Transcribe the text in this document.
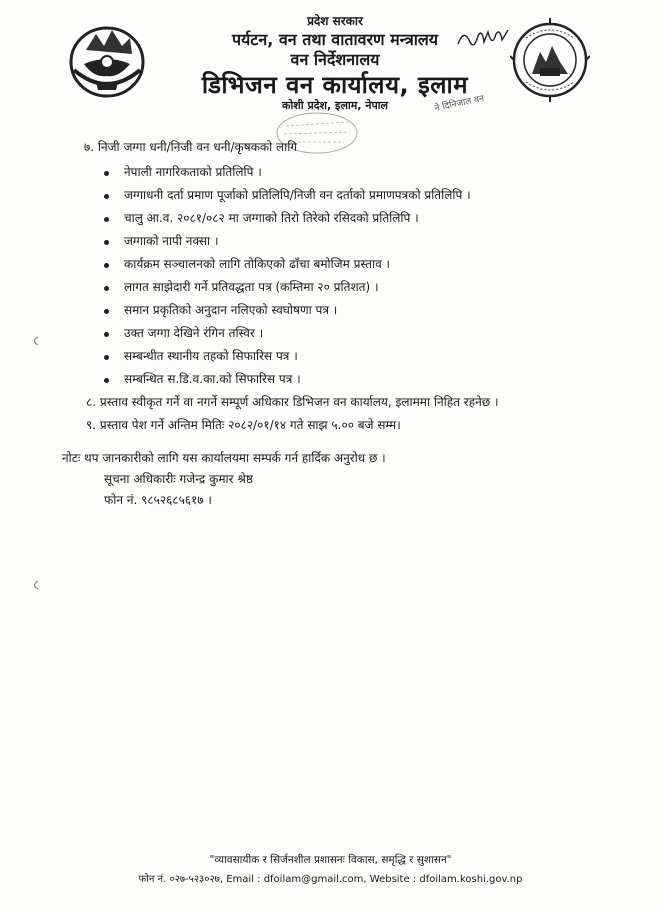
प्रदेश सरकार
पर्यटन, वन तथा वातावरण मन्त्रालय
वन निर्देशनालय
डिभिजन वन कार्यालय, इलाम
कोशी प्रदेश, इलाम, नेपाल	ने दिनिजाल वन
७. निजी जग्गा धनी/निजी वन धनी/कृषकको लागि
नेपाली नागरिकताको प्रतिलिपि ।
जग्गाधनी दर्ता प्रमाण पूर्जाको प्रतिलिपि/निजी वन दर्ताको प्रमाणपत्रको प्रतिलिपि ।
चालु आ.व. २०८१/०८२ मा जग्गाको तिरो तिरेको रसिदको प्रतिलिपि ।
जग्गाको नापी नक्सा ।
कार्यक्रम सञ्चालनको लागि तोकिएको ढाँचा बमोजिम प्रस्ताव ।
लागत साझेदारी गर्ने प्रतिवद्धता पत्र (कम्तिमा २० प्रतिशत) ।
समान प्रकृतिको अनुदान नलिएको स्वघोषणा पत्र ।
उक्त जग्गा देखिने रंगिन तस्विर ।
सम्बन्धीत स्थानीय तहको सिफारिस पत्र ।
सम्बन्धित स.डि.व.का.को सिफारिस पत्र ।
८. प्रस्ताव स्वीकृत गर्ने वा नगर्ने सम्पूर्ण अधिकार डिभिजन वन कार्यालय, इलाममा निहित रहनेछ ।
९. प्रस्ताव पेश गर्ने अन्तिम मितिः २०८२/०१/१४ गते साझ ५.०० बजे सम्म।
नोटः थप जानकारीको लागि यस कार्यालयमा सम्पर्क गर्न हार्दिक अनुरोध छ ।
सूचना अधिकारीः गजेन्द्र कुमार श्रेष्ठ
फोन नं. ९८५२६८५६१७ ।
"व्यावसायीक र सिर्जनशील प्रशासनः विकास, समृद्धि र सुशासन"
फोन नं. ०२७-५२३०२७, Email : dfoilam@gmail.com, Website : dfoilam.koshi.gov.np
